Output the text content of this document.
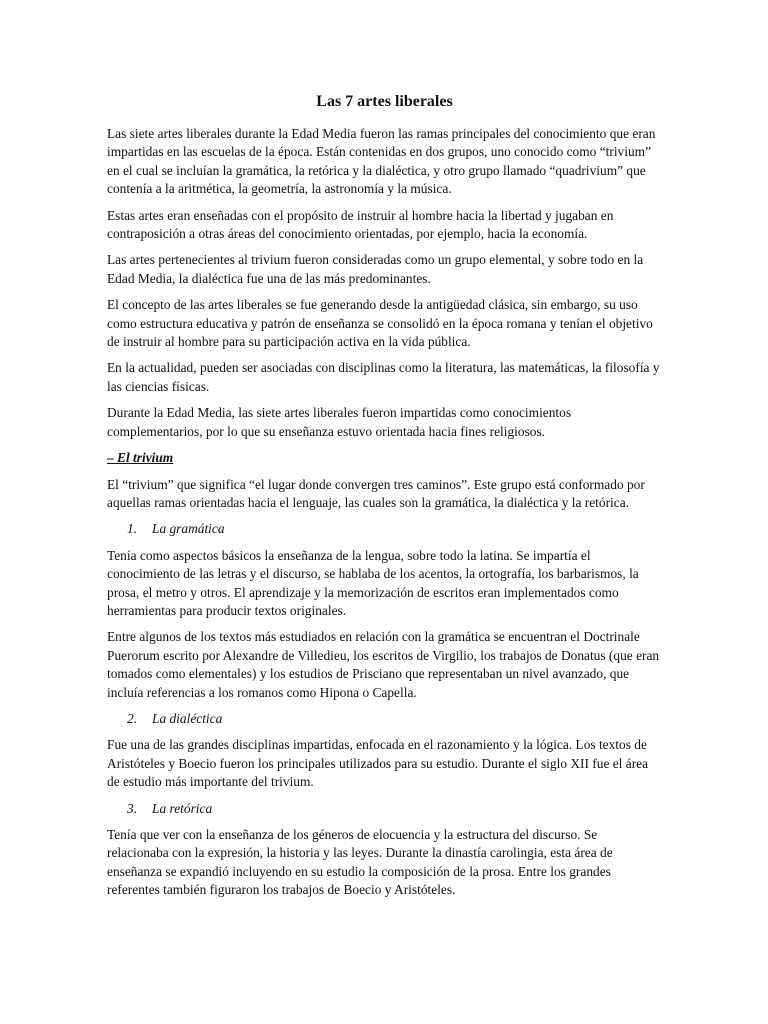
Las 7 artes liberales

Las siete artes liberales durante la Edad Media fueron las ramas principales del conocimiento que eran impartidas en las escuelas de la época. Están contenidas en dos grupos, uno conocido como “trivium” en el cual se incluían la gramática, la retórica y la dialéctica, y otro grupo llamado “quadrivium” que contenía a la aritmética, la geometría, la astronomía y la música.

Estas artes eran enseñadas con el propósito de instruir al hombre hacia la libertad y jugaban en contraposición a otras áreas del conocimiento orientadas, por ejemplo, hacia la economía.

Las artes pertenecientes al trivium fueron consideradas como un grupo elemental, y sobre todo en la Edad Media, la dialéctica fue una de las más predominantes.

El concepto de las artes liberales se fue generando desde la antigüedad clásica, sin embargo, su uso como estructura educativa y patrón de enseñanza se consolidó en la época romana y tenían el objetivo de instruir al hombre para su participación activa en la vida pública.

En la actualidad, pueden ser asociadas con disciplinas como la literatura, las matemáticas, la filosofía y las ciencias físicas.

Durante la Edad Media, las siete artes liberales fueron impartidas como conocimientos complementarios, por lo que su enseñanza estuvo orientada hacia fines religiosos.

– El trivium

El “trivium” que significa “el lugar donde convergen tres caminos”. Este grupo está conformado por aquellas ramas orientadas hacia el lenguaje, las cuales son la gramática, la dialéctica y la retórica.

1. La gramática

Tenía como aspectos básicos la enseñanza de la lengua, sobre todo la latina. Se impartía el conocimiento de las letras y el discurso, se hablaba de los acentos, la ortografía, los barbarismos, la prosa, el metro y otros. El aprendizaje y la memorización de escritos eran implementados como herramientas para producir textos originales.

Entre algunos de los textos más estudiados en relación con la gramática se encuentran el Doctrinale Puerorum escrito por Alexandre de Villedieu, los escritos de Virgilio, los trabajos de Donatus (que eran tomados como elementales) y los estudios de Prisciano que representaban un nivel avanzado, que incluía referencias a los romanos como Hipona o Capella.

2. La dialéctica

Fue una de las grandes disciplinas impartidas, enfocada en el razonamiento y la lógica. Los textos de Aristóteles y Boecio fueron los principales utilizados para su estudio. Durante el siglo XII fue el área de estudio más importante del trivium.

3. La retórica

Tenía que ver con la enseñanza de los géneros de elocuencia y la estructura del discurso. Se relacionaba con la expresión, la historia y las leyes. Durante la dinastía carolingia, esta área de enseñanza se expandió incluyendo en su estudio la composición de la prosa. Entre los grandes referentes también figuraron los trabajos de Boecio y Aristóteles.
